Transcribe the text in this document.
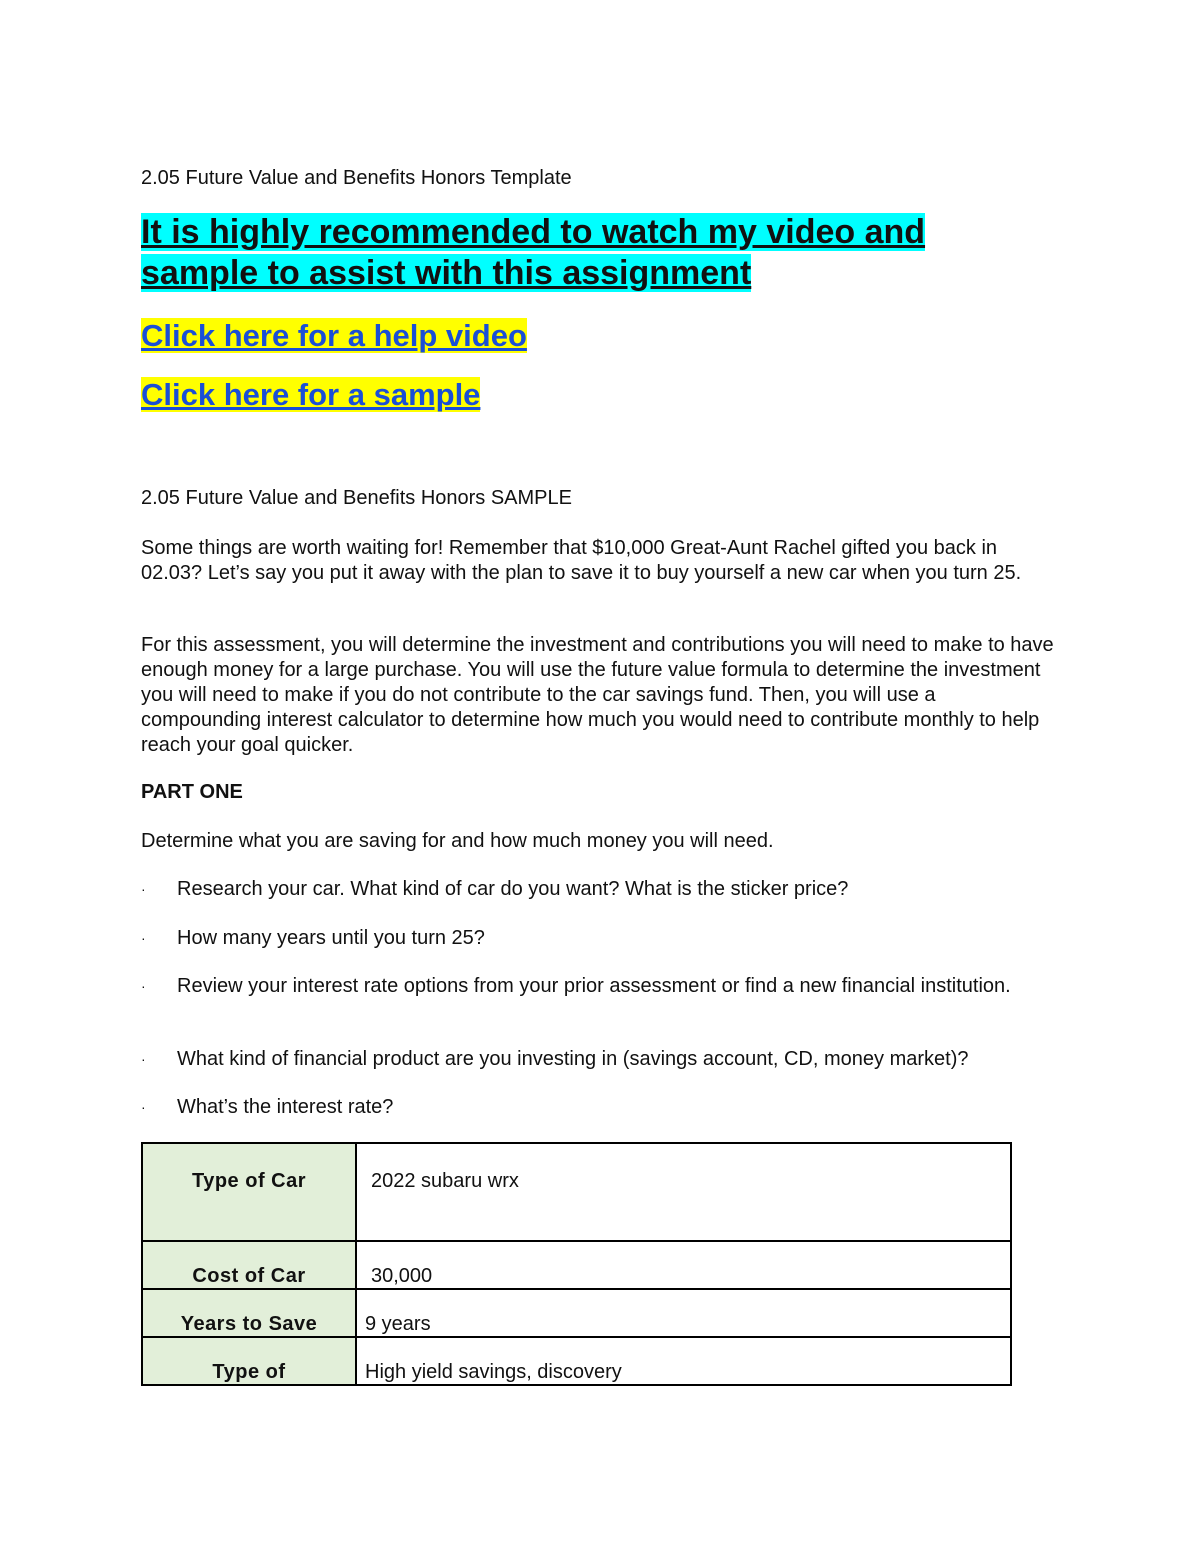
2.05 Future Value and Benefits Honors Template

It is highly recommended to watch my video and
sample to assist with this assignment
Click here for a help video
Click here for a sample

2.05 Future Value and Benefits Honors SAMPLE

Some things are worth waiting for! Remember that $10,000 Great-Aunt Rachel gifted you back in 02.03? Let’s say you put it away with the plan to save it to buy yourself a new car when you turn 25.

For this assessment, you will determine the investment and contributions you will need to make to have enough money for a large purchase. You will use the future value formula to determine the investment you will need to make if you do not contribute to the car savings fund. Then, you will use a compounding interest calculator to determine how much you would need to contribute monthly to help reach your goal quicker.

PART ONE

Determine what you are saving for and how much money you will need.

· Research your car. What kind of car do you want? What is the sticker price?

· How many years until you turn 25?

· Review your interest rate options from your prior assessment or find a new financial institution.

· What kind of financial product are you investing in (savings account, CD, money market)?

· What’s the interest rate?

Type of Car	2022 subaru wrx

Cost of Car	30,000
Years to Save	9 years
Type of	High yield savings, discovery
